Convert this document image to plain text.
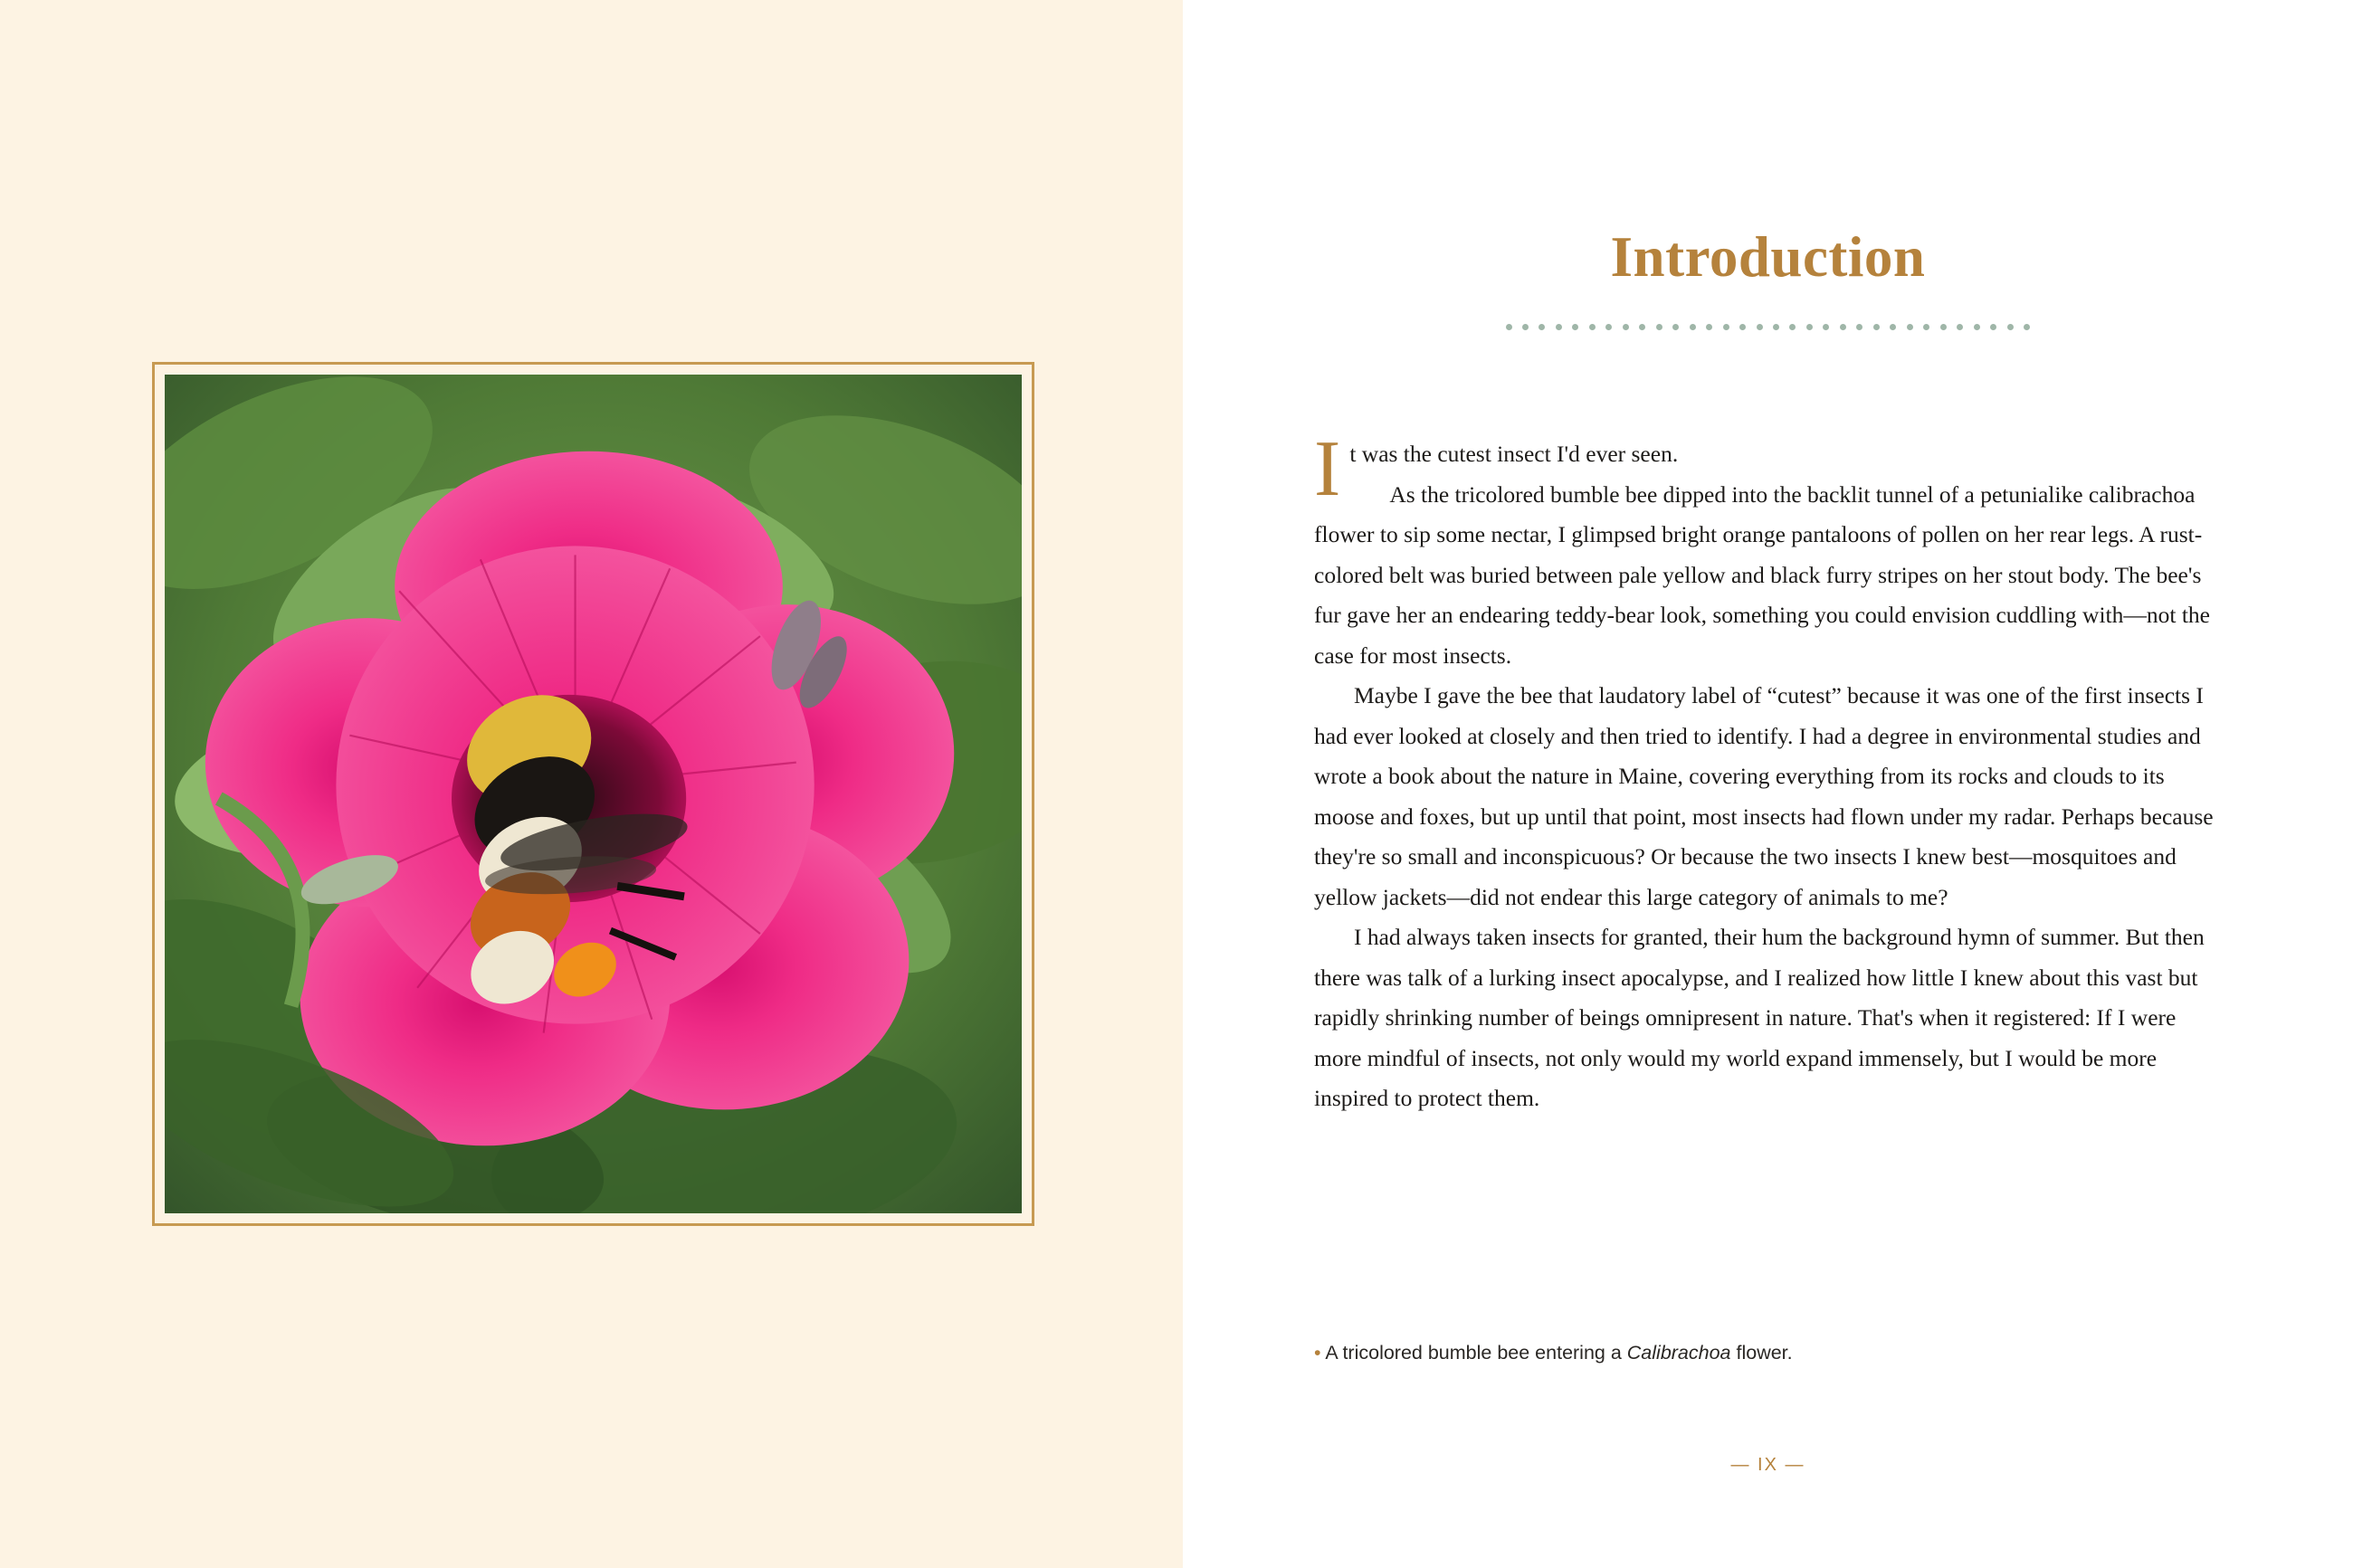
Introduction

It was the cutest insect I'd ever seen.

As the tricolored bumble bee dipped into the backlit tunnel of a petunialike calibrachoa flower to sip some nectar, I glimpsed bright orange pantaloons of pollen on her rear legs. A rust-colored belt was buried between pale yellow and black furry stripes on her stout body. The bee's fur gave her an endearing teddy-bear look, something you could envision cuddling with—not the case for most insects.

Maybe I gave the bee that laudatory label of “cutest” because it was one of the first insects I had ever looked at closely and then tried to identify. I had a degree in environmental studies and wrote a book about the nature in Maine, covering everything from its rocks and clouds to its moose and foxes, but up until that point, most insects had flown under my radar. Perhaps because they're so small and inconspicuous? Or because the two insects I knew best—mosquitoes and yellow jackets—did not endear this large category of animals to me?

I had always taken insects for granted, their hum the background hymn of summer. But then there was talk of a lurking insect apocalypse, and I realized how little I knew about this vast but rapidly shrinking number of beings omnipresent in nature. That's when it registered: If I were more mindful of insects, not only would my world expand immensely, but I would be more inspired to protect them.

• A tricolored bumble bee entering a Calibrachoa flower.
— IX —
